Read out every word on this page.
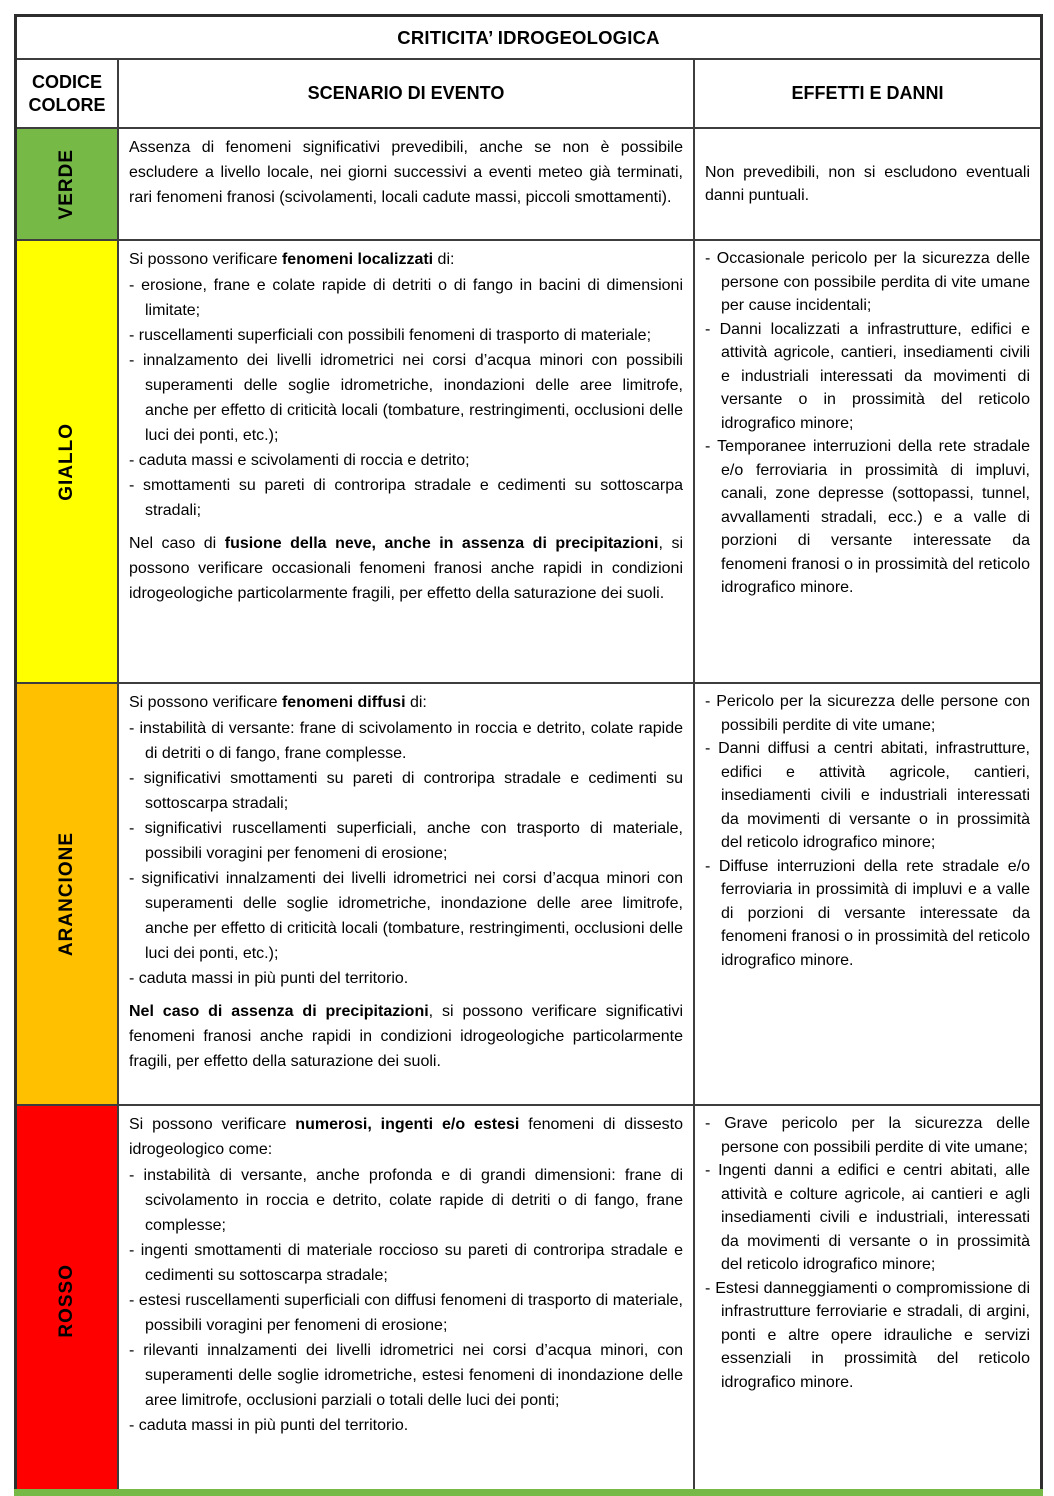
CRITICITA’ IDROGEOLOGICA
CODICE COLORE
SCENARIO DI EVENTO	EFFETTI E DANNI
VERDE
Assenza di fenomeni significativi prevedibili, anche se non è possibile escludere a livello locale, nei giorni successivi a eventi meteo già terminati, rari fenomeni franosi (scivolamenti, locali cadute massi, piccoli smottamenti).
Non prevedibili, non si escludono eventuali danni puntuali.
GIALLO
Si possono verificare fenomeni localizzati di:
- erosione, frane e colate rapide di detriti o di fango in bacini di dimensioni limitate;
- ruscellamenti superficiali con possibili fenomeni di trasporto di materiale;
- innalzamento dei livelli idrometrici nei corsi d’acqua minori con possibili superamenti delle soglie idrometriche, inondazioni delle aree limitrofe, anche per effetto di criticità locali (tombature, restringimenti, occlusioni delle luci dei ponti, etc.);
- caduta massi e scivolamenti di roccia e detrito;
- smottamenti su pareti di controripa stradale e cedimenti su sottoscarpa stradali;
Nel caso di fusione della neve, anche in assenza di precipitazioni, si possono verificare occasionali fenomeni franosi anche rapidi in condizioni idrogeologiche particolarmente fragili, per effetto della saturazione dei suoli.
- Occasionale pericolo per la sicurezza delle persone con possibile perdita di vite umane per cause incidentali;
- Danni localizzati a infrastrutture, edifici e attività agricole, cantieri, insediamenti civili e industriali interessati da movimenti di versante o in prossimità del reticolo idrografico minore;
- Temporanee interruzioni della rete stradale e/o ferroviaria in prossimità di impluvi, canali, zone depresse (sottopassi, tunnel, avvallamenti stradali, ecc.) e a valle di porzioni di versante interessate da fenomeni franosi o in prossimità del reticolo idrografico minore.
ARANCIONE
Si possono verificare fenomeni diffusi di:
- instabilità di versante: frane di scivolamento in roccia e detrito, colate rapide di detriti o di fango, frane complesse.
- significativi smottamenti su pareti di controripa stradale e cedimenti su sottoscarpa stradali;
- significativi ruscellamenti superficiali, anche con trasporto di materiale, possibili voragini per fenomeni di erosione;
- significativi innalzamenti dei livelli idrometrici nei corsi d’acqua minori con superamenti delle soglie idrometriche, inondazione delle aree limitrofe, anche per effetto di criticità locali (tombature, restringimenti, occlusioni delle luci dei ponti, etc.);
- caduta massi in più punti del territorio.
Nel caso di assenza di precipitazioni, si possono verificare significativi fenomeni franosi anche rapidi in condizioni idrogeologiche particolarmente fragili, per effetto della saturazione dei suoli.
- Pericolo per la sicurezza delle persone con possibili perdite di vite umane;
- Danni diffusi a centri abitati, infrastrutture, edifici e attività agricole, cantieri, insediamenti civili e industriali interessati da movimenti di versante o in prossimità del reticolo idrografico minore;
- Diffuse interruzioni della rete stradale e/o ferroviaria in prossimità di impluvi e a valle di porzioni di versante interessate da fenomeni franosi o in prossimità del reticolo idrografico minore.
ROSSO
Si possono verificare numerosi, ingenti e/o estesi fenomeni di dissesto idrogeologico come:
- instabilità di versante, anche profonda e di grandi dimensioni: frane di scivolamento in roccia e detrito, colate rapide di detriti o di fango, frane complesse;
- ingenti smottamenti di materiale roccioso su pareti di controripa stradale e cedimenti su sottoscarpa stradale;
- estesi ruscellamenti superficiali con diffusi fenomeni di trasporto di materiale, possibili voragini per fenomeni di erosione;
- rilevanti innalzamenti dei livelli idrometrici nei corsi d’acqua minori, con superamenti delle soglie idrometriche, estesi fenomeni di inondazione delle aree limitrofe, occlusioni parziali o totali delle luci dei ponti;
- caduta massi in più punti del territorio.
- Grave pericolo per la sicurezza delle persone con possibili perdite di vite umane;
- Ingenti danni a edifici e centri abitati, alle attività e colture agricole, ai cantieri e agli insediamenti civili e industriali, interessati da movimenti di versante o in prossimità del reticolo idrografico minore;
- Estesi danneggiamenti o compromissione di infrastrutture ferroviarie e stradali, di argini, ponti e altre opere idrauliche e servizi essenziali in prossimità del reticolo idrografico minore.
